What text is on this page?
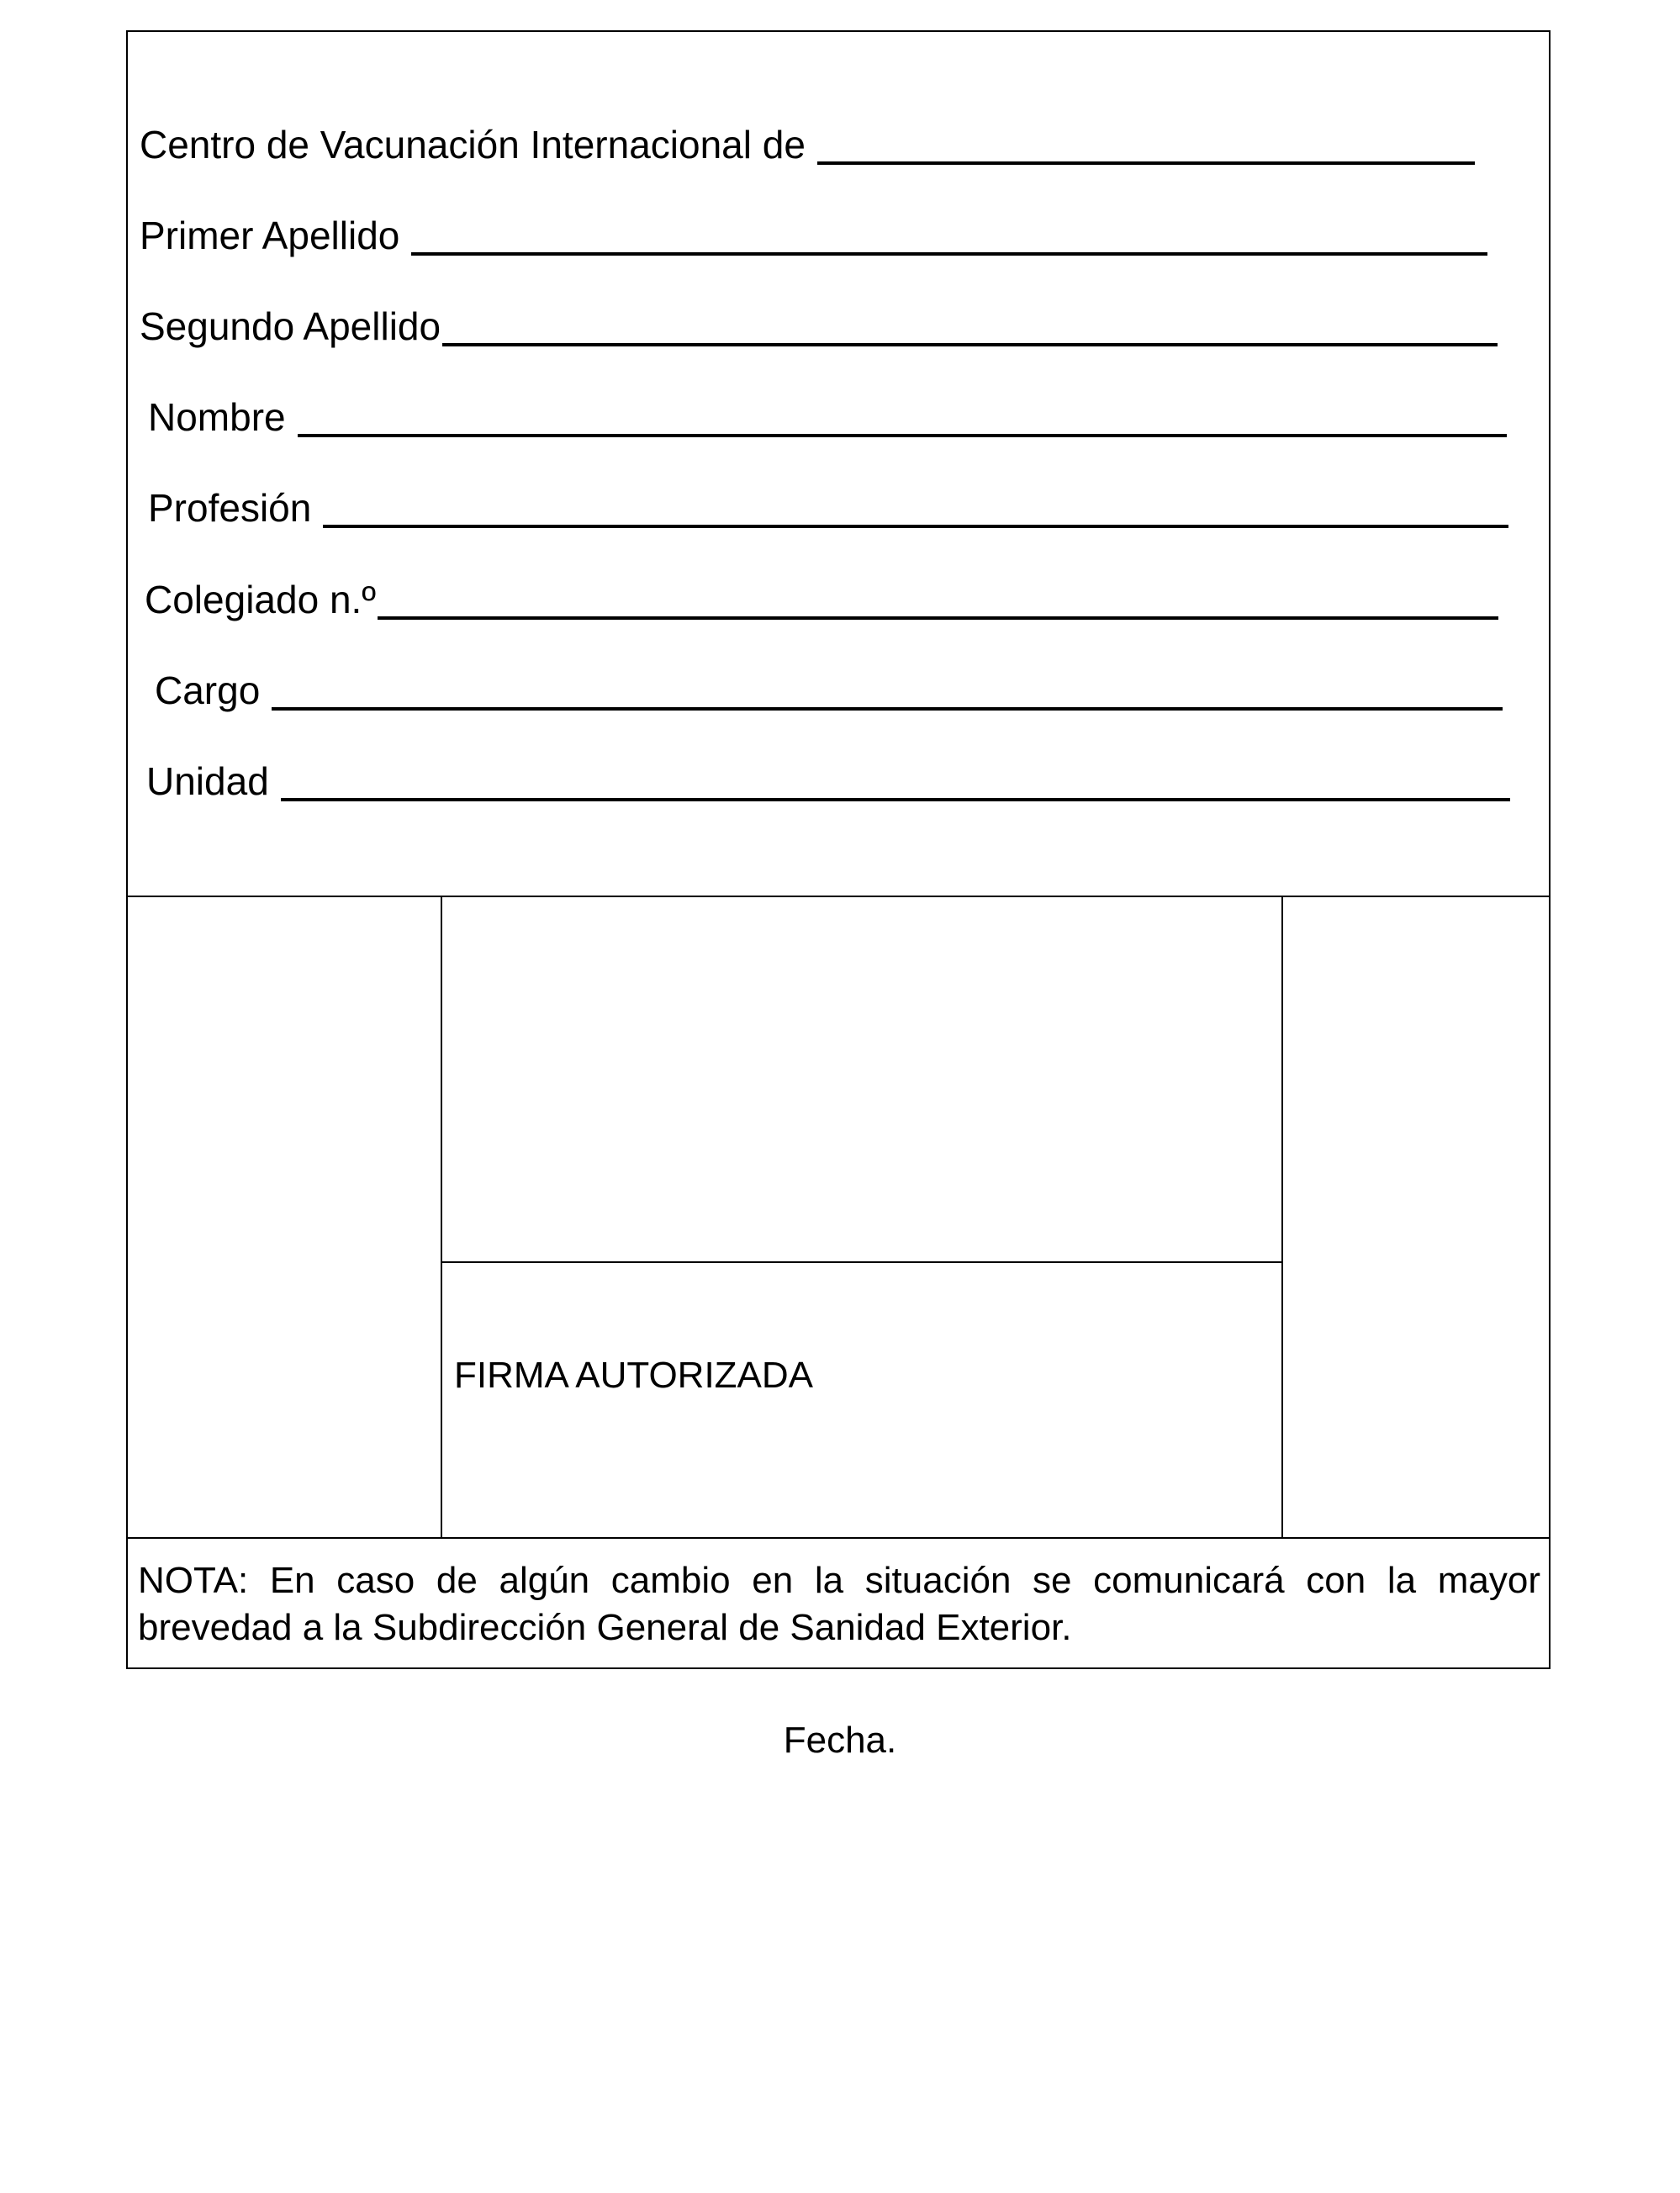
Centro de Vacunación Internacional de
Primer Apellido
Segundo Apellido
Nombre
Profesión
Colegiado n.º
Cargo
Unidad
FIRMA AUTORIZADA
NOTA: En caso de algún cambio en la situación se comunicará con la mayor brevedad a la Subdirección General de Sanidad Exterior.
Fecha.
